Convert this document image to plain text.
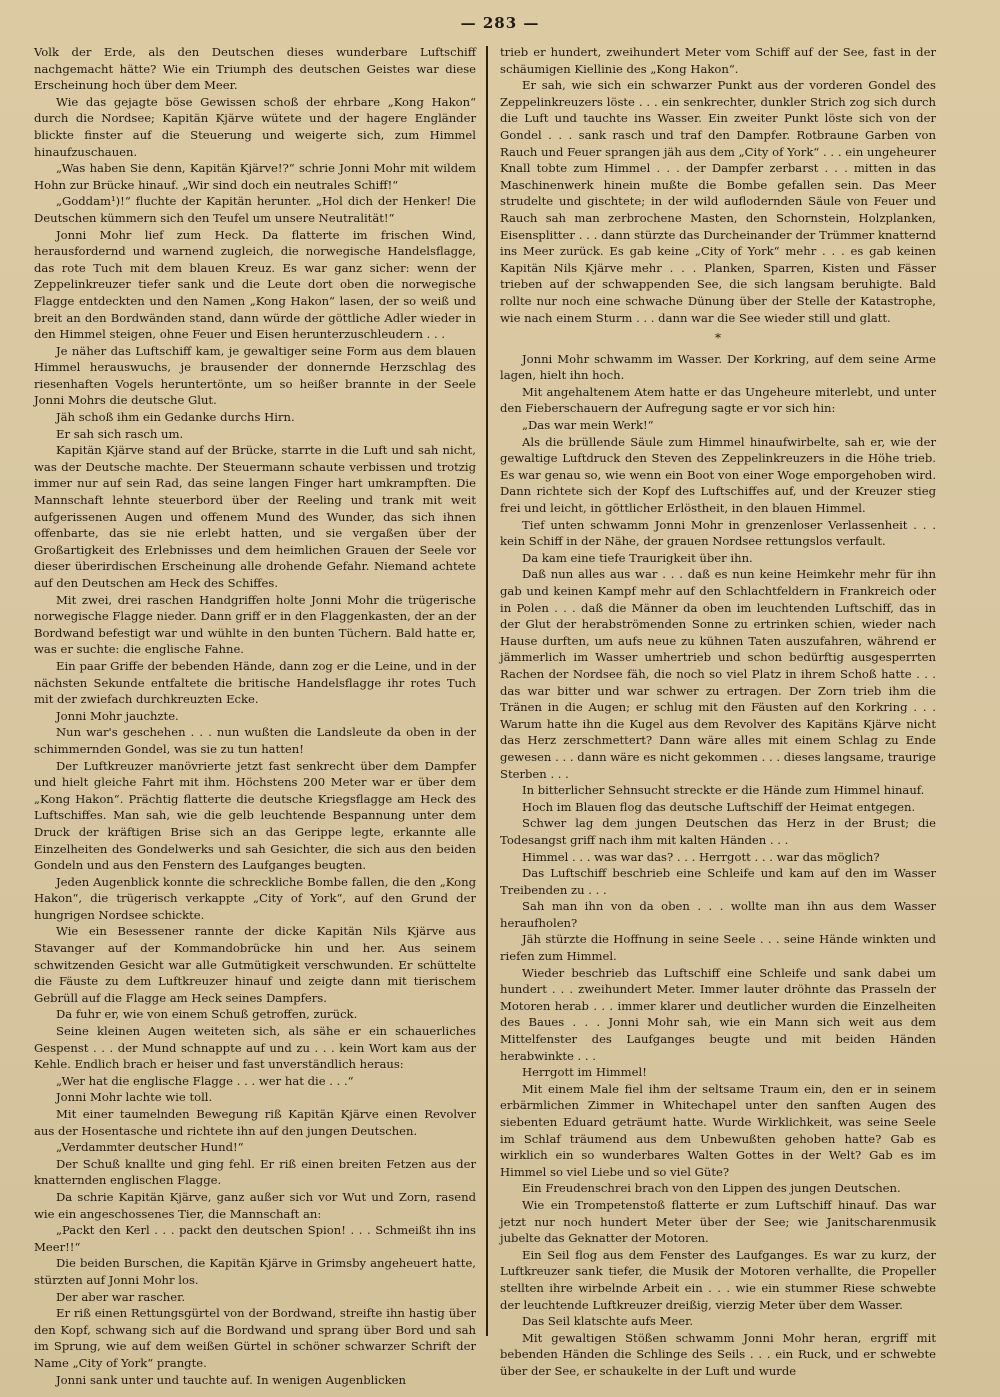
— 283 —

Volk der Erde, als den Deutschen dieses wunderbare Luftschiff nachgemacht hätte? Wie ein Triumph des deutschen Geistes war diese Erscheinung hoch über dem Meer.

Wie das gejagte böse Gewissen schoß der ehrbare „Kong Hakon“ durch die Nordsee; Kapitän Kjärve wütete und der hagere Engländer blickte finster auf die Steuerung und weigerte sich, zum Himmel hinaufzuschauen.

„Was haben Sie denn, Kapitän Kjärve!?“ schrie Jonni Mohr mit wildem Hohn zur Brücke hinauf. „Wir sind doch ein neutrales Schiff!“

„Goddam¹)!“ fluchte der Kapitän herunter. „Hol dich der Henker! Die Deutschen kümmern sich den Teufel um unsere Neutralität!“

Jonni Mohr lief zum Heck. Da flatterte im frischen Wind, herausfordernd und warnend zugleich, die norwegische Handelsflagge, das rote Tuch mit dem blauen Kreuz. Es war ganz sicher: wenn der Zeppelinkreuzer tiefer sank und die Leute dort oben die norwegische Flagge entdeckten und den Namen „Kong Hakon“ lasen, der so weiß und breit an den Bordwänden stand, dann würde der göttliche Adler wieder in den Himmel steigen, ohne Feuer und Eisen herunterzuschleudern . . .

Je näher das Luftschiff kam, je gewaltiger seine Form aus dem blauen Himmel herauswuchs, je brausender der donnernde Herzschlag des riesenhaften Vogels heruntertönte, um so heißer brannte in der Seele Jonni Mohrs die deutsche Glut.

Jäh schoß ihm ein Gedanke durchs Hirn.

Er sah sich rasch um.

Kapitän Kjärve stand auf der Brücke, starrte in die Luft und sah nicht, was der Deutsche machte. Der Steuermann schaute verbissen und trotzig immer nur auf sein Rad, das seine langen Finger hart umkrampften. Die Mannschaft lehnte steuerbord über der Reeling und trank mit weit aufgerissenen Augen und offenem Mund des Wunder, das sich ihnen offenbarte, das sie nie erlebt hatten, und sie vergaßen über der Großartigkeit des Erlebnisses und dem heimlichen Grauen der Seele vor dieser überirdischen Erscheinung alle drohende Gefahr. Niemand achtete auf den Deutschen am Heck des Schiffes.

Mit zwei, drei raschen Handgriffen holte Jonni Mohr die trügerische norwegische Flagge nieder. Dann griff er in den Flaggenkasten, der an der Bordwand befestigt war und wühlte in den bunten Tüchern. Bald hatte er, was er suchte: die englische Fahne.

Ein paar Griffe der bebenden Hände, dann zog er die Leine, und in der nächsten Sekunde entfaltete die britische Handelsflagge ihr rotes Tuch mit der zwiefach durchkreuzten Ecke.

Jonni Mohr jauchzte.

Nun war's geschehen . . . nun wußten die Landsleute da oben in der schimmernden Gondel, was sie zu tun hatten!

Der Luftkreuzer manövrierte jetzt fast senkrecht über dem Dampfer und hielt gleiche Fahrt mit ihm. Höchstens 200 Meter war er über dem „Kong Hakon“. Prächtig flatterte die deutsche Kriegsflagge am Heck des Luftschiffes. Man sah, wie die gelb leuchtende Bespannung unter dem Druck der kräftigen Brise sich an das Gerippe legte, erkannte alle Einzelheiten des Gondelwerks und sah Gesichter, die sich aus den beiden Gondeln und aus den Fenstern des Laufganges beugten.

Jeden Augenblick konnte die schreckliche Bombe fallen, die den „Kong Hakon“, die trügerisch verkappte „City of York“, auf den Grund der hungrigen Nordsee schickte.

Wie ein Besessener rannte der dicke Kapitän Nils Kjärve aus Stavanger auf der Kommandobrücke hin und her. Aus seinem schwitzenden Gesicht war alle Gutmütigkeit verschwunden. Er schüttelte die Fäuste zu dem Luftkreuzer hinauf und zeigte dann mit tierischem Gebrüll auf die Flagge am Heck seines Dampfers.

Da fuhr er, wie von einem Schuß getroffen, zurück.

Seine kleinen Augen weiteten sich, als sähe er ein schauerliches Gespenst . . . der Mund schnappte auf und zu . . . kein Wort kam aus der Kehle. Endlich brach er heiser und fast unverständlich heraus:

„Wer hat die englische Flagge . . . wer hat die . . .“

Jonni Mohr lachte wie toll.

Mit einer taumelnden Bewegung riß Kapitän Kjärve einen Revolver aus der Hosentasche und richtete ihn auf den jungen Deutschen.

„Verdammter deutscher Hund!“

Der Schuß knallte und ging fehl. Er riß einen breiten Fetzen aus der knatternden englischen Flagge.

Da schrie Kapitän Kjärve, ganz außer sich vor Wut und Zorn, rasend wie ein angeschossenes Tier, die Mannschaft an:

„Packt den Kerl . . . packt den deutschen Spion! . . . Schmeißt ihn ins Meer!!“

Die beiden Burschen, die Kapitän Kjärve in Grimsby angeheuert hatte, stürzten auf Jonni Mohr los.

Der aber war rascher.

Er riß einen Rettungsgürtel von der Bordwand, streifte ihn hastig über den Kopf, schwang sich auf die Bordwand und sprang über Bord und sah im Sprung, wie auf dem weißen Gürtel in schöner schwarzer Schrift der Name „City of York“ prangte.

Jonni sank unter und tauchte auf. In wenigen Augenblicken

trieb er hundert, zweihundert Meter vom Schiff auf der See, fast in der schäumigen Kiellinie des „Kong Hakon“.

Er sah, wie sich ein schwarzer Punkt aus der vorderen Gondel des Zeppelinkreuzers löste . . . ein senkrechter, dunkler Strich zog sich durch die Luft und tauchte ins Wasser. Ein zweiter Punkt löste sich von der Gondel . . . sank rasch und traf den Dampfer. Rotbraune Garben von Rauch und Feuer sprangen jäh aus dem „City of York“ . . . ein ungeheurer Knall tobte zum Himmel . . . der Dampfer zerbarst . . . mitten in das Maschinenwerk hinein mußte die Bombe gefallen sein. Das Meer strudelte und gischtete; in der wild auflodernden Säule von Feuer und Rauch sah man zerbrochene Masten, den Schornstein, Holzplanken, Eisensplitter . . . dann stürzte das Durcheinander der Trümmer knatternd ins Meer zurück. Es gab keine „City of York“ mehr . . . es gab keinen Kapitän Nils Kjärve mehr . . . Planken, Sparren, Kisten und Fässer trieben auf der schwappenden See, die sich langsam beruhigte. Bald rollte nur noch eine schwache Dünung über der Stelle der Katastrophe, wie nach einem Sturm . . . dann war die See wieder still und glatt.

*

Jonni Mohr schwamm im Wasser. Der Korkring, auf dem seine Arme lagen, hielt ihn hoch.

Mit angehaltenem Atem hatte er das Ungeheure miterlebt, und unter den Fieberschauern der Aufregung sagte er vor sich hin:

„Das war mein Werk!“

Als die brüllende Säule zum Himmel hinaufwirbelte, sah er, wie der gewaltige Luftdruck den Steven des Zeppelinkreuzers in die Höhe trieb. Es war genau so, wie wenn ein Boot von einer Woge emporgehoben wird. Dann richtete sich der Kopf des Luftschiffes auf, und der Kreuzer stieg frei und leicht, in göttlicher Erlöstheit, in den blauen Himmel.

Tief unten schwamm Jonni Mohr in grenzenloser Verlassenheit . . . kein Schiff in der Nähe, der grauen Nordsee rettungslos verfault.

Da kam eine tiefe Traurigkeit über ihn.

Daß nun alles aus war . . . daß es nun keine Heimkehr mehr für ihn gab und keinen Kampf mehr auf den Schlachtfeldern in Frankreich oder in Polen . . . daß die Männer da oben im leuchtenden Luftschiff, das in der Glut der herabströmenden Sonne zu ertrinken schien, wieder nach Hause durften, um aufs neue zu kühnen Taten auszufahren, während er jämmerlich im Wasser umhertrieb und schon bedürftig ausgesperrten Rachen der Nordsee fäh, die noch so viel Platz in ihrem Schoß hatte . . . das war bitter und war schwer zu ertragen. Der Zorn trieb ihm die Tränen in die Augen; er schlug mit den Fäusten auf den Korkring . . . Warum hatte ihn die Kugel aus dem Revolver des Kapitäns Kjärve nicht das Herz zerschmettert? Dann wäre alles mit einem Schlag zu Ende gewesen . . . dann wäre es nicht gekommen . . . dieses langsame, traurige Sterben . . .

In bitterlicher Sehnsucht streckte er die Hände zum Himmel hinauf.

Hoch im Blauen flog das deutsche Luftschiff der Heimat entgegen.

Schwer lag dem jungen Deutschen das Herz in der Brust; die Todesangst griff nach ihm mit kalten Händen . . .

Himmel . . . was war das? . . . Herrgott . . . war das möglich?

Das Luftschiff beschrieb eine Schleife und kam auf den im Wasser Treibenden zu . . .

Sah man ihn von da oben . . . wollte man ihn aus dem Wasser heraufholen?

Jäh stürzte die Hoffnung in seine Seele . . . seine Hände winkten und riefen zum Himmel.

Wieder beschrieb das Luftschiff eine Schleife und sank dabei um hundert . . . zweihundert Meter. Immer lauter dröhnte das Prasseln der Motoren herab . . . immer klarer und deutlicher wurden die Einzelheiten des Baues . . . Jonni Mohr sah, wie ein Mann sich weit aus dem Mittelfenster des Laufganges beugte und mit beiden Händen herabwinkte . . .

Herrgott im Himmel!

Mit einem Male fiel ihm der seltsame Traum ein, den er in seinem erbärmlichen Zimmer in Whitechapel unter den sanften Augen des siebenten Eduard geträumt hatte. Wurde Wirklichkeit, was seine Seele im Schlaf träumend aus dem Unbewußten gehoben hatte? Gab es wirklich ein so wunderbares Walten Gottes in der Welt? Gab es im Himmel so viel Liebe und so viel Güte?

Ein Freudenschrei brach von den Lippen des jungen Deutschen.

Wie ein Trompetenstoß flatterte er zum Luftschiff hinauf. Das war jetzt nur noch hundert Meter über der See; wie Janitscharenmusik jubelte das Geknatter der Motoren.

Ein Seil flog aus dem Fenster des Laufganges. Es war zu kurz, der Luftkreuzer sank tiefer, die Musik der Motoren verhallte, die Propeller stellten ihre wirbelnde Arbeit ein . . . wie ein stummer Riese schwebte der leuchtende Luftkreuzer dreißig, vierzig Meter über dem Wasser.

Das Seil klatschte aufs Meer.

Mit gewaltigen Stößen schwamm Jonni Mohr heran, ergriff mit bebenden Händen die Schlinge des Seils . . . ein Ruck, und er schwebte über der See, er schaukelte in der Luft und wurde
